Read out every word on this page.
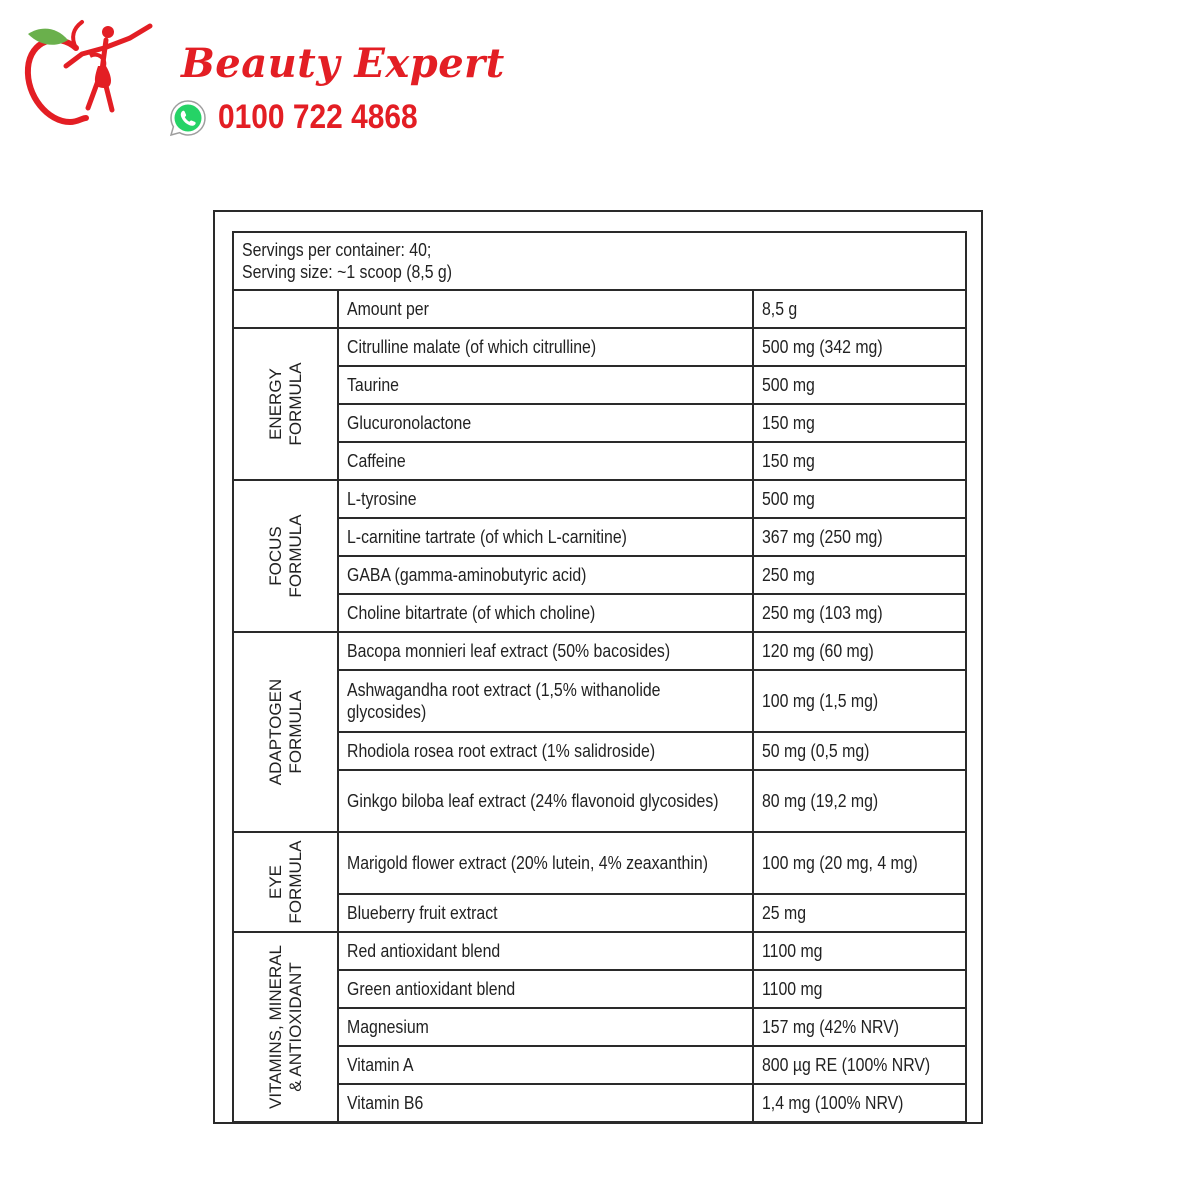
Beauty Expert
0100 722 4868
Servings per container: 40;
Serving size: ~1 scoop (8,5 g)		

	Amount per	8,5 g

ENERGY FORMULA	Citrulline malate (of which citrulline)	500 mg (342 mg)
	Taurine	500 mg
	Glucuronolactone	150 mg
	Caffeine	150 mg

FOCUS FORMULA	L-tyrosine	500 mg
	L-carnitine tartrate (of which L-carnitine)	367 mg (250 mg)
	GABA (gamma-aminobutyric acid)	250 mg
	Choline bitartrate (of which choline)	250 mg (103 mg)

ADAPTOGEN FORMULA	Bacopa monnieri leaf extract (50% bacosides)	120 mg (60 mg)
	Ashwagandha root extract (1,5% withanolide glycosides)	100 mg (1,5 mg)
	Rhodiola rosea root extract (1% salidroside)	50 mg (0,5 mg)
	Ginkgo biloba leaf extract (24% flavonoid glycosides)	80 mg (19,2 mg)

EYE FORMULA	Marigold flower extract (20% lutein, 4% zeaxanthin)	100 mg (20 mg, 4 mg)
	Blueberry fruit extract	25 mg

VITAMINS, MINERAL & ANTIOXIDANT	Red antioxidant blend	1100 mg
	Green antioxidant blend	1100 mg
	Magnesium	157 mg (42% NRV)
	Vitamin A	800 µg RE (100% NRV)
	Vitamin B6	1,4 mg (100% NRV)
